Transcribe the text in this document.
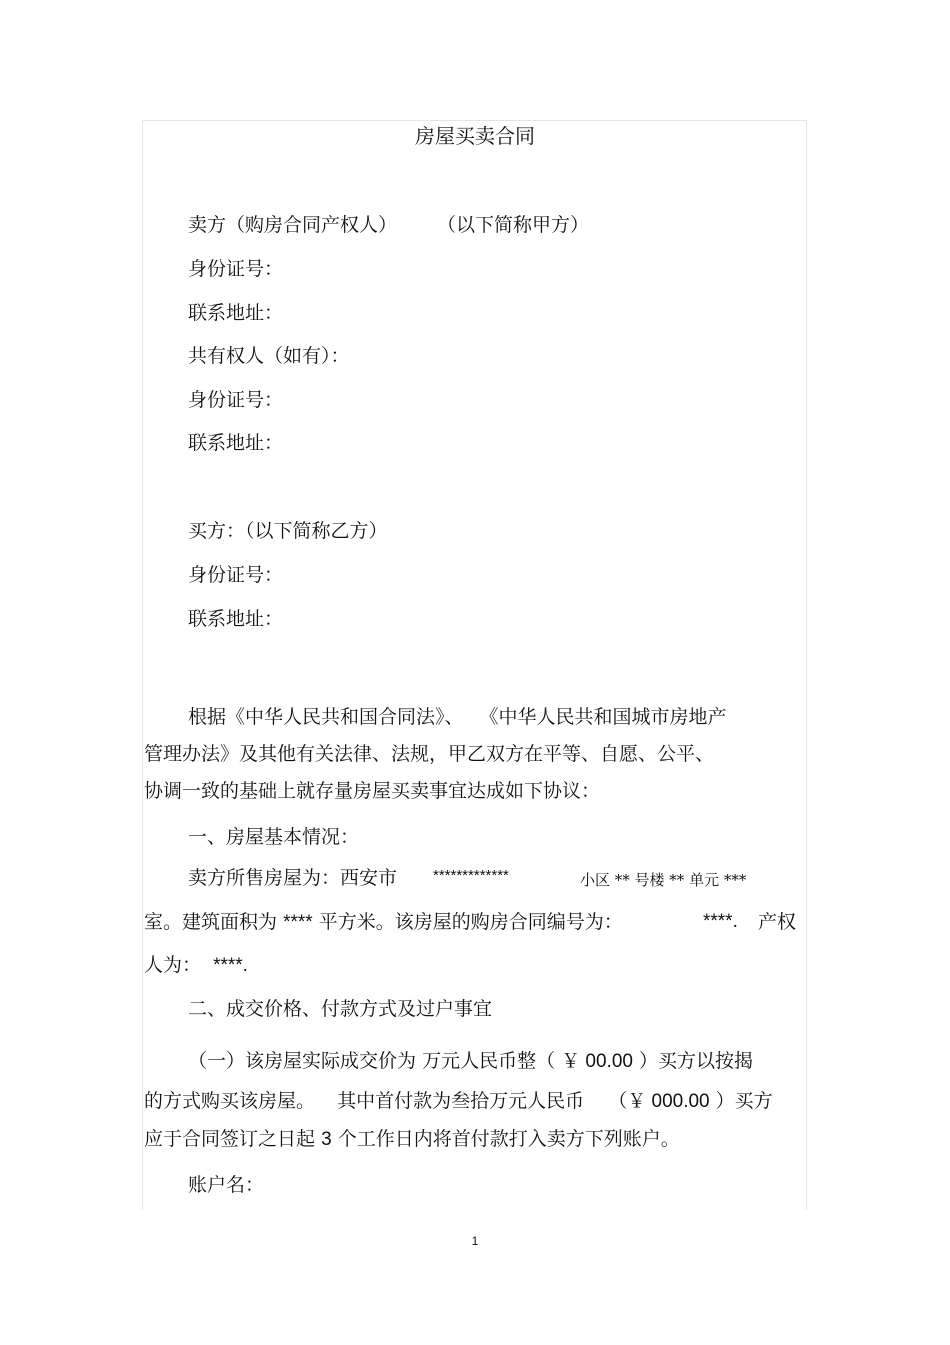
房屋买卖合同
卖方（购房合同产权人） （以下简称甲方）
身份证号：
联系地址：
共有权人（如有）：
身份证号：
联系地址：
买方：（以下简称乙方）
身份证号：
联系地址：
根据《中华人民共和国合同法》、 《中华人民共和国城市房地产
管理办法》及其他有关法律、法规，甲乙双方在平等、自愿、公平、
协调一致的基础上就存量房屋买卖事宜达成如下协议：
一、房屋基本情况：
卖方所售房屋为：西安市 *************	小区 ** 号楼 ** 单元 ***
室。建筑面积为 **** 平方米。该房屋的购房合同编号为：	****. 产权
人为： ****.
二、成交价格、付款方式及过户事宜
（一）该房屋实际成交价为 万元人民币整（ ￥ 00.00 ）买方以按揭
的方式购买该房屋。 其中首付款为叁拾万元人民币 （￥ 000.00 ）买方
应于合同签订之日起 3 个工作日内将首付款打入卖方下列账户。
账户名：
1
